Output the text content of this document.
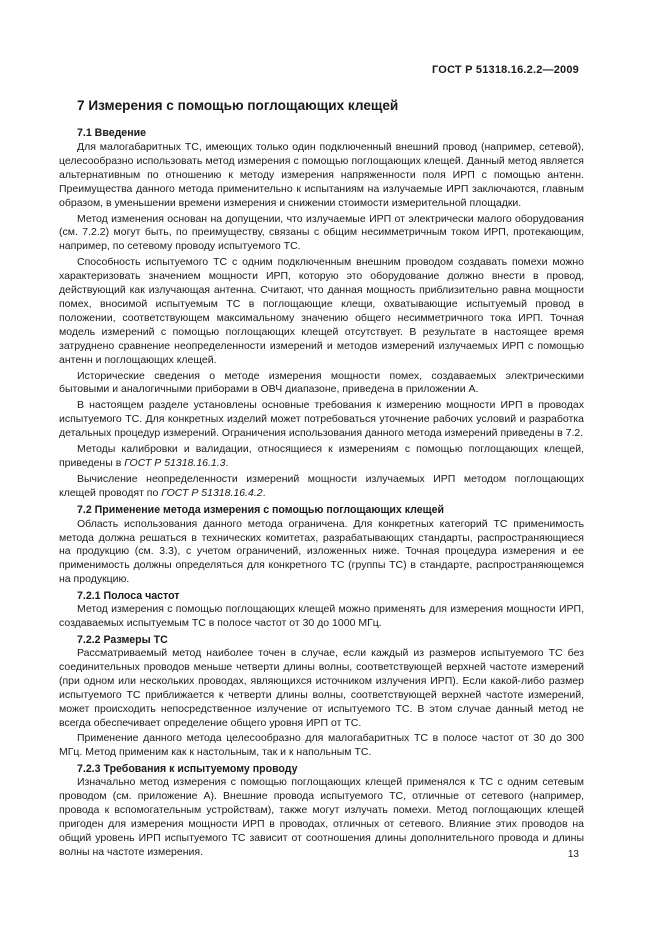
ГОСТ Р 51318.16.2.2—2009
7 Измерения с помощью поглощающих клещей
7.1 Введение

Для малогабаритных ТС, имеющих только один подключенный внешний провод (например, сетевой), целесообразно использовать метод измерения с помощью поглощающих клещей. Данный метод является альтернативным по отношению к методу измерения напряженности поля ИРП с помощью антенн. Преимущества данного метода применительно к испытаниям на излучаемые ИРП заключаются, главным образом, в уменьшении времени измерения и снижении стоимости измерительной площадки.

Метод изменения основан на допущении, что излучаемые ИРП от электрически малого оборудования (см. 7.2.2) могут быть, по преимуществу, связаны с общим несимметричным током ИРП, протекающим, например, по сетевому проводу испытуемого ТС.

Способность испытуемого ТС с одним подключенным внешним проводом создавать помехи можно характеризовать значением мощности ИРП, которую это оборудование должно внести в провод, действующий как излучающая антенна. Считают, что данная мощность приблизительно равна мощности помех, вносимой испытуемым ТС в поглощающие клещи, охватывающие испытуемый провод в положении, соответствующем максимальному значению общего несимметричного тока ИРП. Точная модель измерений с помощью поглощающих клещей отсутствует. В результате в настоящее время затруднено сравнение неопределенности измерений и методов измерений излучаемых ИРП с помощью антенн и поглощающих клещей.

Исторические сведения о методе измерения мощности помех, создаваемых электрическими бытовыми и аналогичными приборами в ОВЧ диапазоне, приведена в приложении А.

В настоящем разделе установлены основные требования к измерению мощности ИРП в проводах испытуемого ТС. Для конкретных изделий может потребоваться уточнение рабочих условий и разработка детальных процедур измерений. Ограничения использования данного метода измерений приведены в 7.2.

Методы калибровки и валидации, относящиеся к измерениям с помощью поглощающих клещей, приведены в ГОСТ Р 51318.16.1.3.

Вычисление неопределенности измерений мощности излучаемых ИРП методом поглощающих клещей проводят по ГОСТ Р 51318.16.4.2.

7.2 Применение метода измерения с помощью поглощающих клещей

Область использования данного метода ограничена. Для конкретных категорий ТС применимость метода должна решаться в технических комитетах, разрабатывающих стандарты, распространяющиеся на продукцию (см. 3.3), с учетом ограничений, изложенных ниже. Точная процедура измерения и ее применимость должны определяться для конкретного ТС (группы ТС) в стандарте, распространяющемся на продукцию.

7.2.1 Полоса частот

Метод измерения с помощью поглощающих клещей можно применять для измерения мощности ИРП, создаваемых испытуемым ТС в полосе частот от 30 до 1000 МГц.

7.2.2 Размеры ТС

Рассматриваемый метод наиболее точен в случае, если каждый из размеров испытуемого ТС без соединительных проводов меньше четверти длины волны, соответствующей верхней частоте измерений (при одном или нескольких проводах, являющихся источником излучения ИРП). Если какой-либо размер испытуемого ТС приближается к четверти длины волны, соответствующей верхней частоте измерений, может происходить непосредственное излучение от испытуемого ТС. В этом случае данный метод не всегда обеспечивает определение общего уровня ИРП от ТС.

Применение данного метода целесообразно для малогабаритных ТС в полосе частот от 30 до 300 МГц. Метод применим как к настольным, так и к напольным ТС.

7.2.3 Требования к испытуемому проводу

Изначально метод измерения с помощью поглощающих клещей применялся к ТС с одним сетевым проводом (см. приложение А). Внешние провода испытуемого ТС, отличные от сетевого (например, провода к вспомогательным устройствам), также могут излучать помехи. Метод поглощающих клещей пригоден для измерения мощности ИРП в проводах, отличных от сетевого. Влияние этих проводов на общий уровень ИРП испытуемого ТС зависит от соотношения длины дополнительного провода и длины волны на частоте измерения.	13
